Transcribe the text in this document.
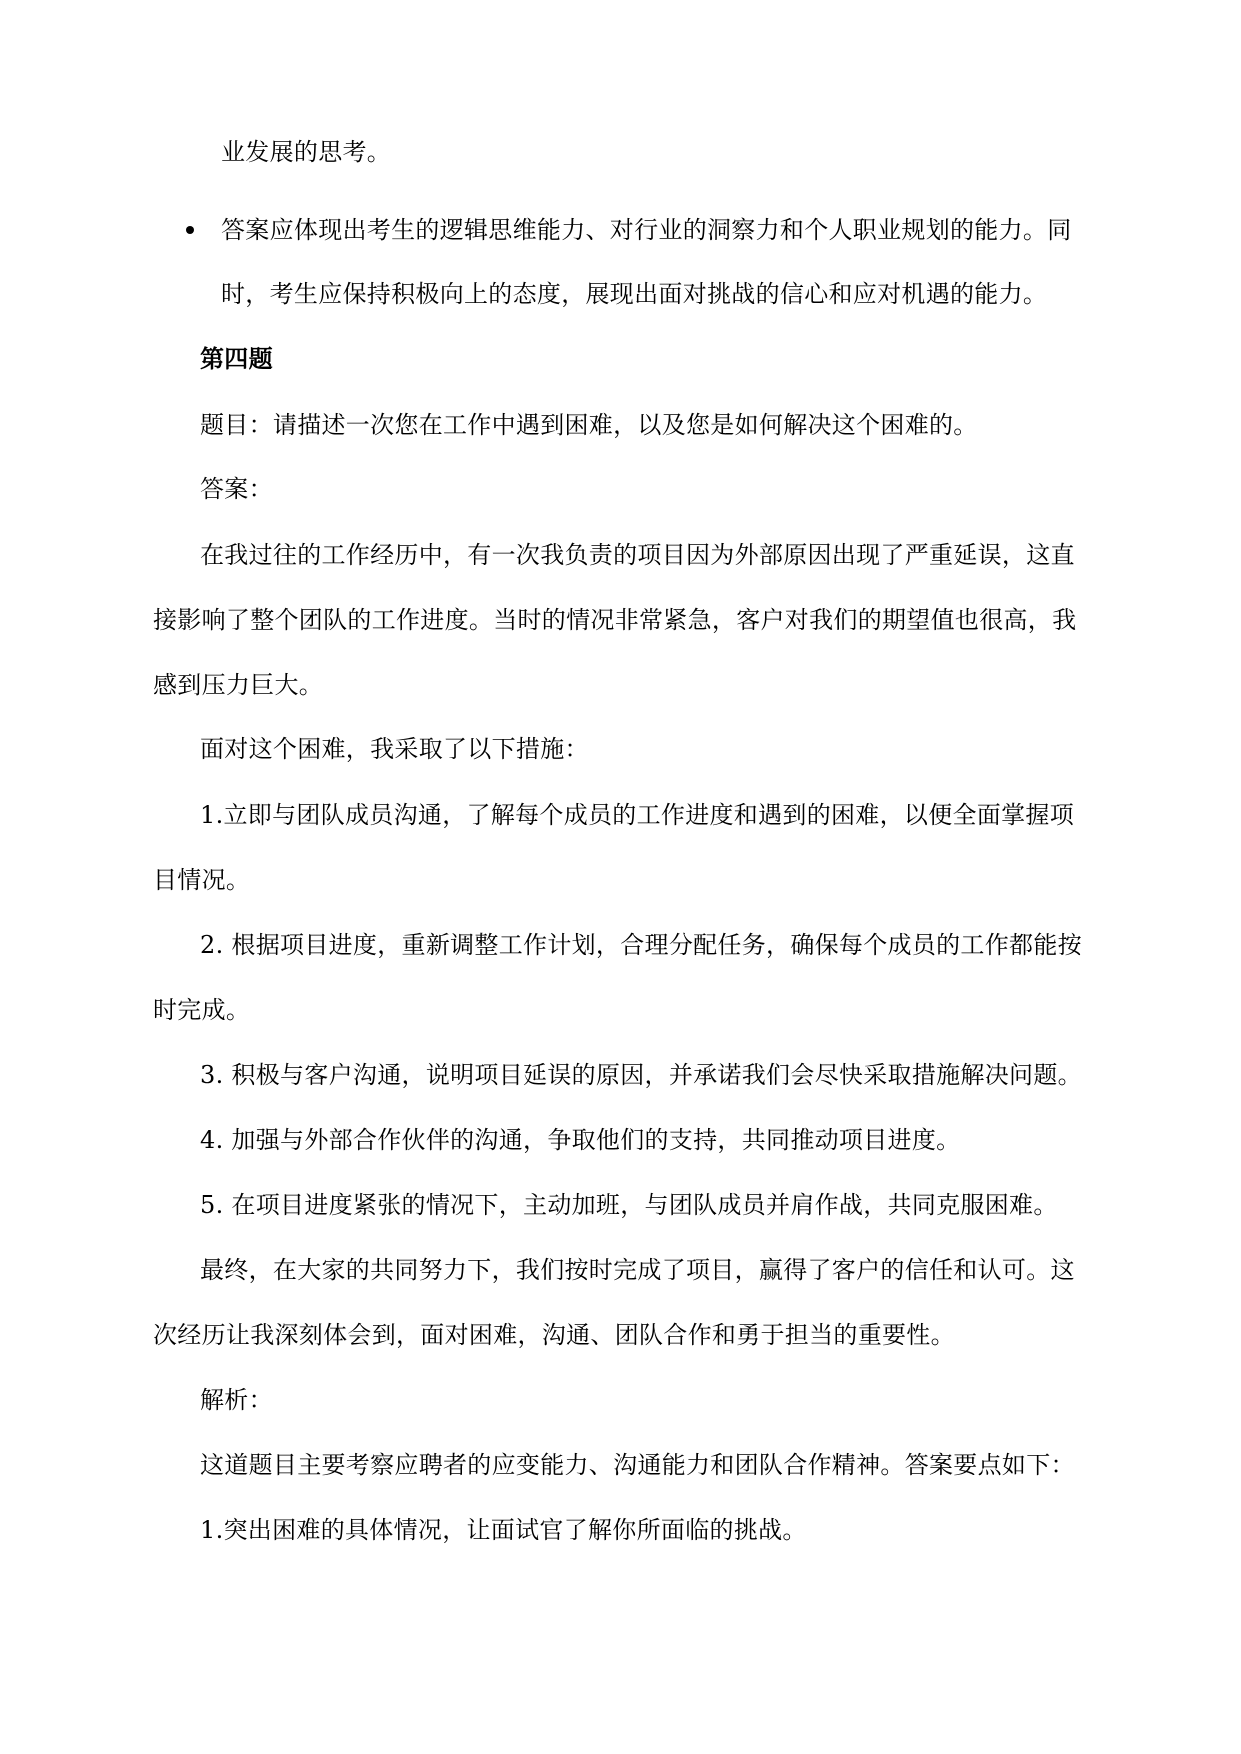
业发展的思考。
答案应体现出考生的逻辑思维能力、对行业的洞察力和个人职业规划的能力。同
时，考生应保持积极向上的态度，展现出面对挑战的信心和应对机遇的能力。
第四题
题目：请描述一次您在工作中遇到困难，以及您是如何解决这个困难的。
答案：
在我过往的工作经历中，有一次我负责的项目因为外部原因出现了严重延误，这直
接影响了整个团队的工作进度。当时的情况非常紧急，客户对我们的期望值也很高，我
感到压力巨大。
面对这个困难，我采取了以下措施：
1.立即与团队成员沟通，了解每个成员的工作进度和遇到的困难，以便全面掌握项
目情况。
2. 根据项目进度，重新调整工作计划，合理分配任务，确保每个成员的工作都能按
时完成。
3. 积极与客户沟通，说明项目延误的原因，并承诺我们会尽快采取措施解决问题。
4. 加强与外部合作伙伴的沟通，争取他们的支持，共同推动项目进度。
5. 在项目进度紧张的情况下，主动加班，与团队成员并肩作战，共同克服困难。
最终，在大家的共同努力下，我们按时完成了项目，赢得了客户的信任和认可。这
次经历让我深刻体会到，面对困难，沟通、团队合作和勇于担当的重要性。
解析：
这道题目主要考察应聘者的应变能力、沟通能力和团队合作精神。答案要点如下：
1.突出困难的具体情况，让面试官了解你所面临的挑战。
